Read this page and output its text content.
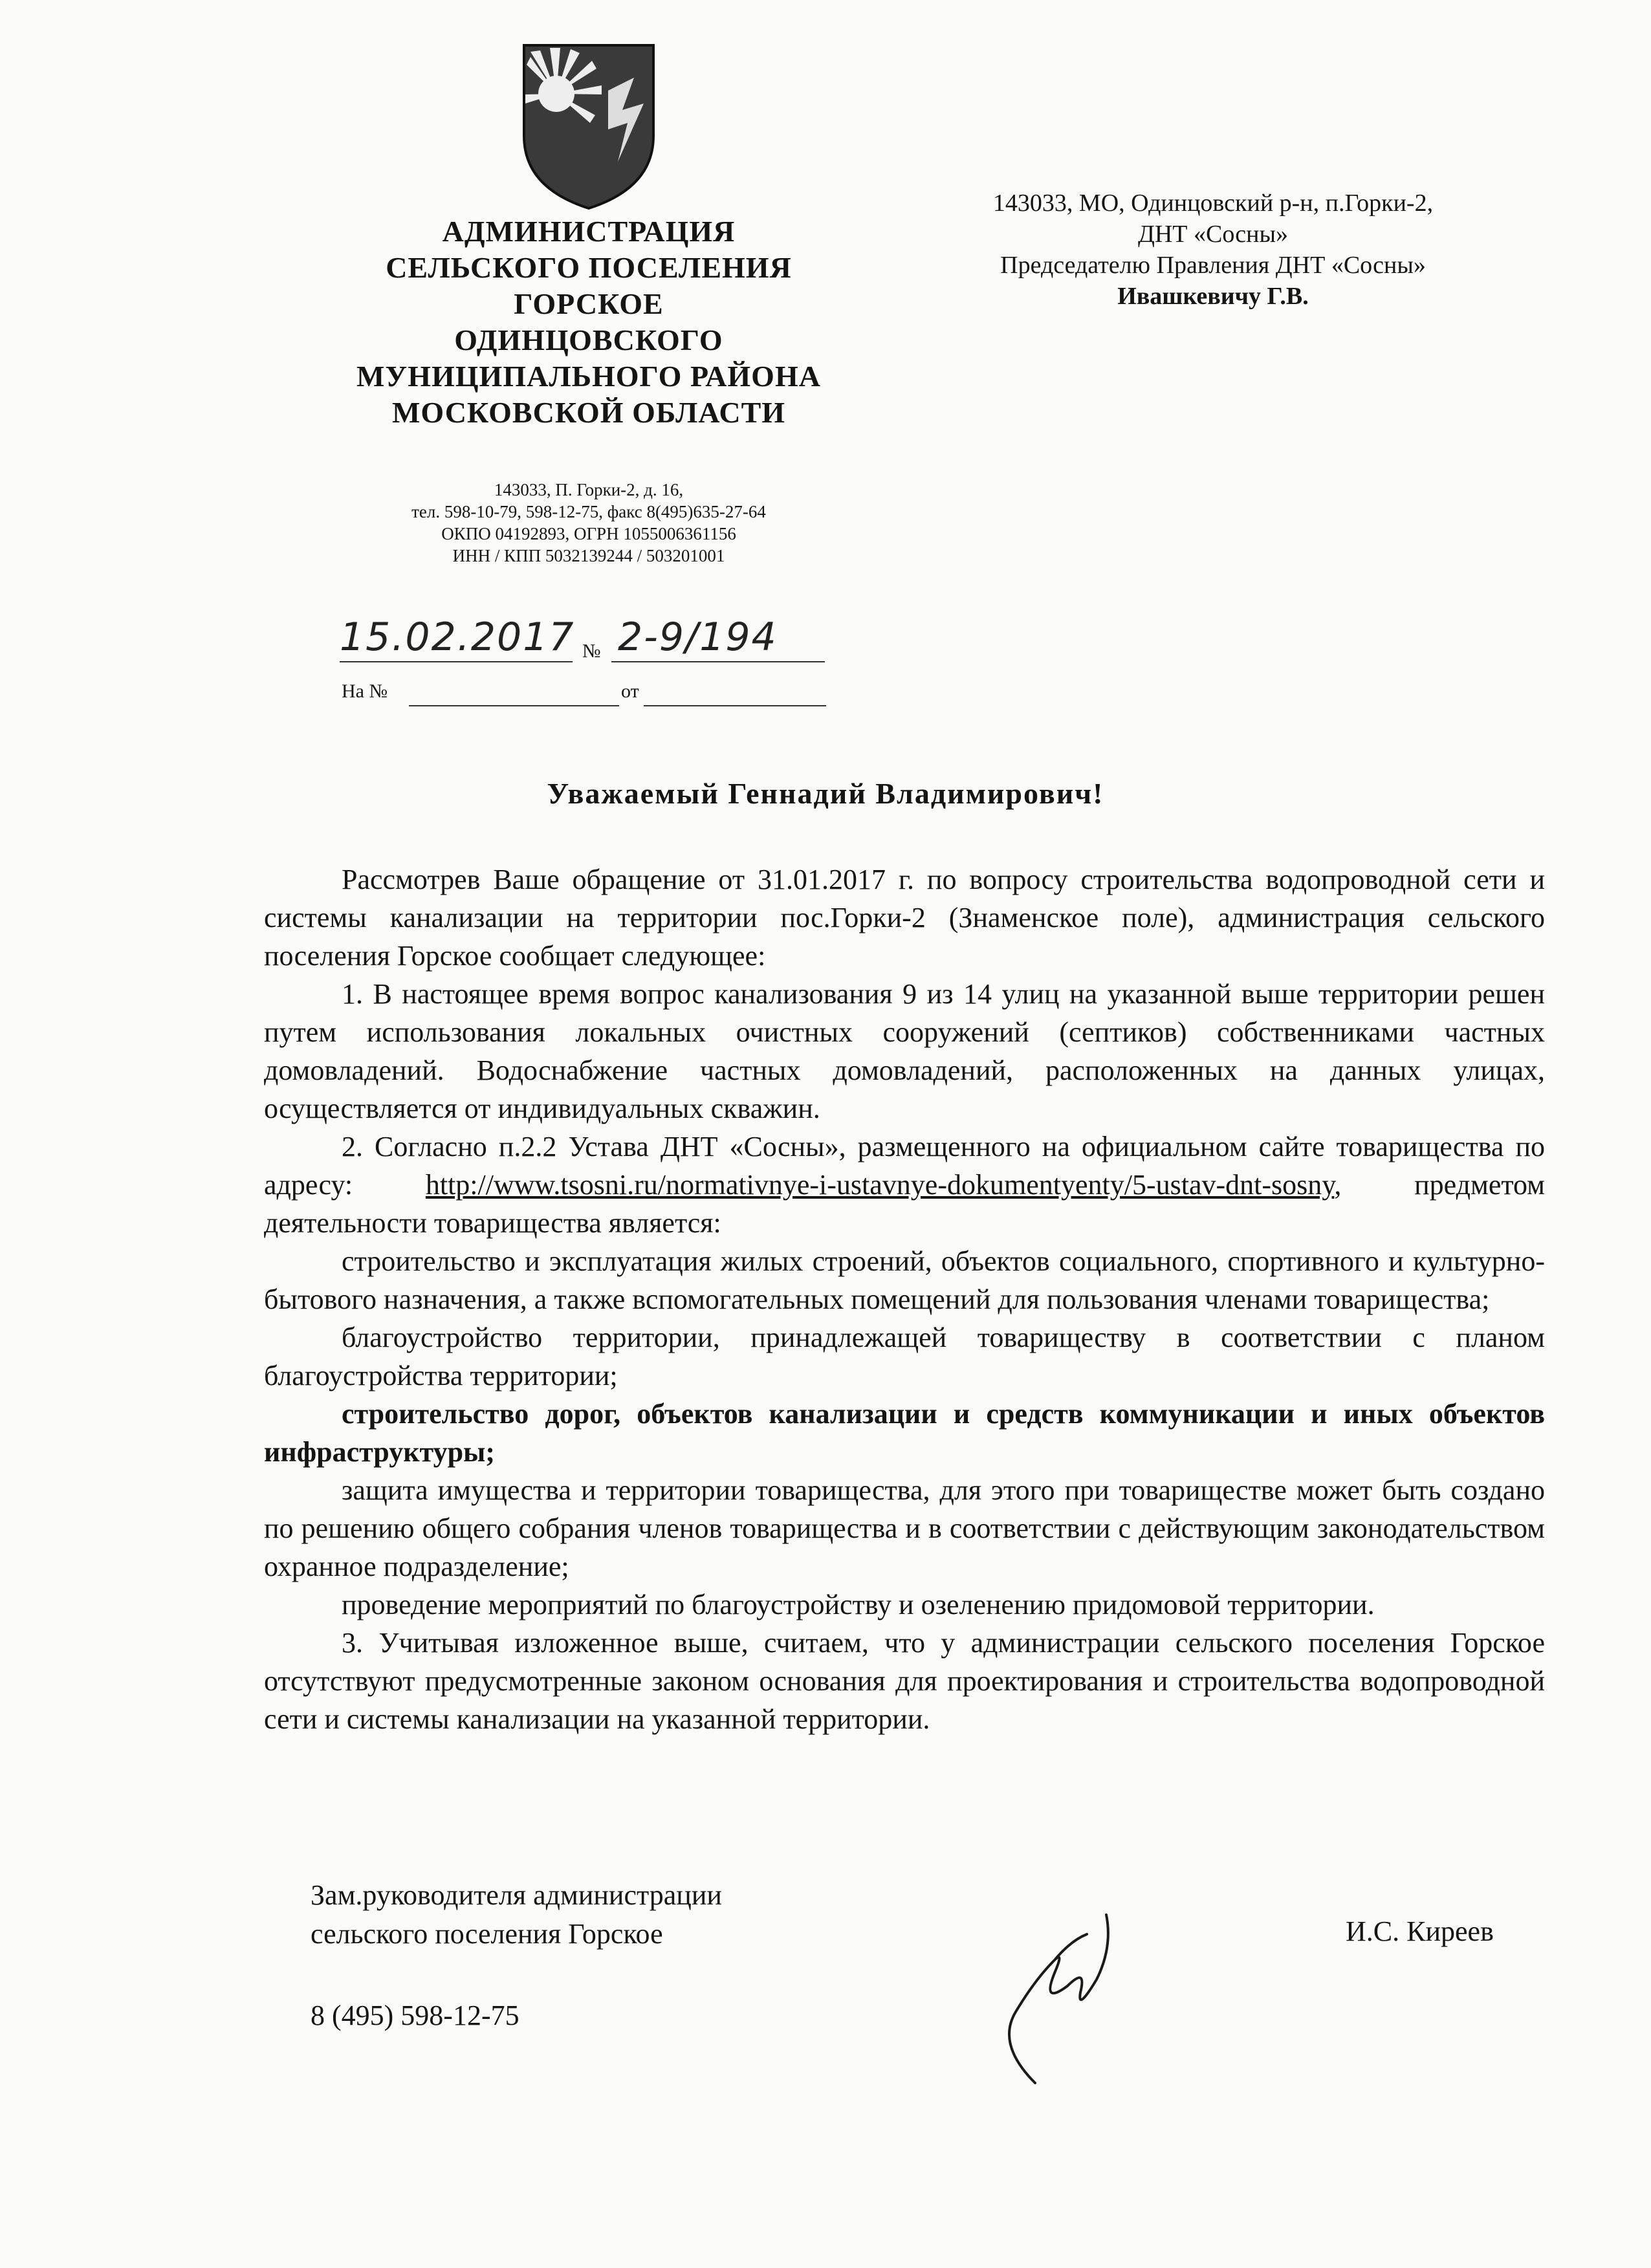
АДМИНИСТРАЦИЯ
СЕЛЬСКОГО ПОСЕЛЕНИЯ
ГОРСКОЕ
ОДИНЦОВСКОГО
МУНИЦИПАЛЬНОГО РАЙОНА
МОСКОВСКОЙ ОБЛАСТИ
143033, П. Горки-2, д. 16,
тел. 598-10-79, 598-12-75, факс 8(495)635-27-64
ОКПО 04192893, ОГРН 1055006361156
ИНН / КПП 5032139244 / 503201001
143033, МО, Одинцовский р-н, п.Горки-2,
ДНТ «Сосны»
Председателю Правления ДНТ «Сосны»
Ивашкевичу Г.В.
15.02.2017 № 2-9/194
На №	от
Уважаемый Геннадий Владимирович!

Рассмотрев Ваше обращение от 31.01.2017 г. по вопросу строительства водопроводной сети и системы канализации на территории пос.Горки-2 (Знаменское поле), администрация сельского поселения Горское сообщает следующее:

1. В настоящее время вопрос канализования 9 из 14 улиц на указанной выше территории решен путем использования локальных очистных сооружений (септиков) собственниками частных домовладений. Водоснабжение частных домовладений, расположенных на данных улицах, осуществляется от индивидуальных скважин.

2. Согласно п.2.2 Устава ДНТ «Сосны», размещенного на официальном сайте товарищества по адресу: http://www.tsosni.ru/normativnye-i-ustavnye-dokumentyenty/5-ustav-dnt-sosny, предметом деятельности товарищества является:

строительство и эксплуатация жилых строений, объектов социального, спортивного и культурно-бытового назначения, а также вспомогательных помещений для пользования членами товарищества;

благоустройство территории, принадлежащей товариществу в соответствии с планом благоустройства территории;

строительство дорог, объектов канализации и средств коммуникации и иных объектов инфраструктуры;

защита имущества и территории товарищества, для этого при товариществе может быть создано по решению общего собрания членов товарищества и в соответствии с действующим законодательством охранное подразделение;

проведение мероприятий по благоустройству и озеленению придомовой территории.

3. Учитывая изложенное выше, считаем, что у администрации сельского поселения Горское отсутствуют предусмотренные законом основания для проектирования и строительства водопроводной сети и системы канализации на указанной территории.

Зам.руководителя администрации
сельского поселения Горское	И.С. Киреев
8 (495) 598-12-75
